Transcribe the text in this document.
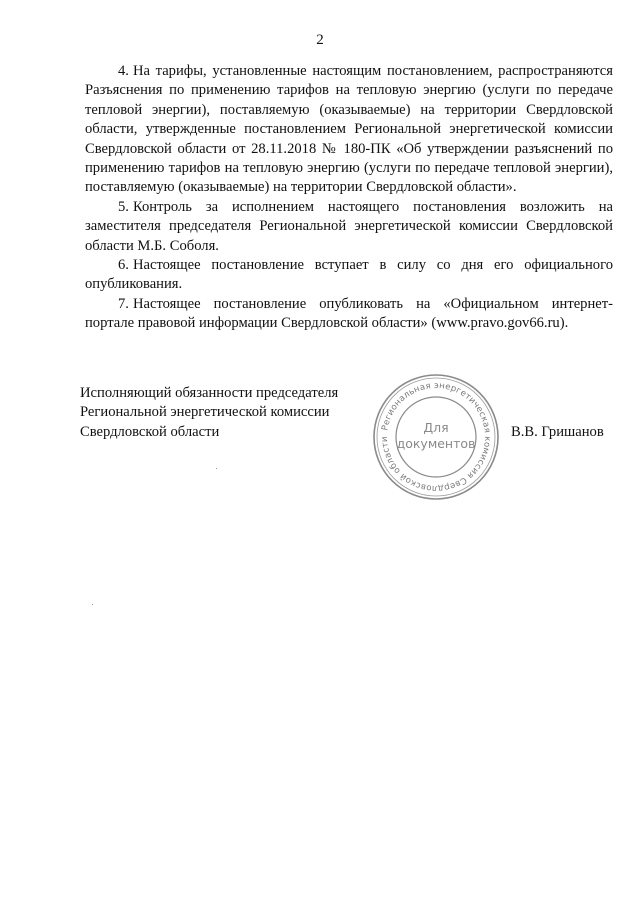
2

4. На тарифы, установленные настоящим постановлением, распространяются Разъяснения по применению тарифов на тепловую энергию (услуги по передаче тепловой энергии), поставляемую (оказываемые) на территории Свердловской области, утвержденные постановлением Региональной энергетической комиссии Свердловской области от 28.11.2018 № 180-ПК «Об утверждении разъяснений по применению тарифов на тепловую энергию (услуги по передаче тепловой энергии), поставляемую (оказываемые) на территории Свердловской области».

5. Контроль за исполнением настоящего постановления возложить на заместителя председателя Региональной энергетической комиссии Свердловской области М.Б. Соболя.

6. Настоящее постановление вступает в силу со дня его официального опубликования.

7. Настоящее постановление опубликовать на «Официальном интернет-портале правовой информации Свердловской области» (www.pravo.gov66.ru).

Исполняющий обязанности председателя
Региональной энергетической комиссии
Свердловской области	Региональная энергетическая комиссия Свердловской области
Для
документов
В.В. Гришанов
